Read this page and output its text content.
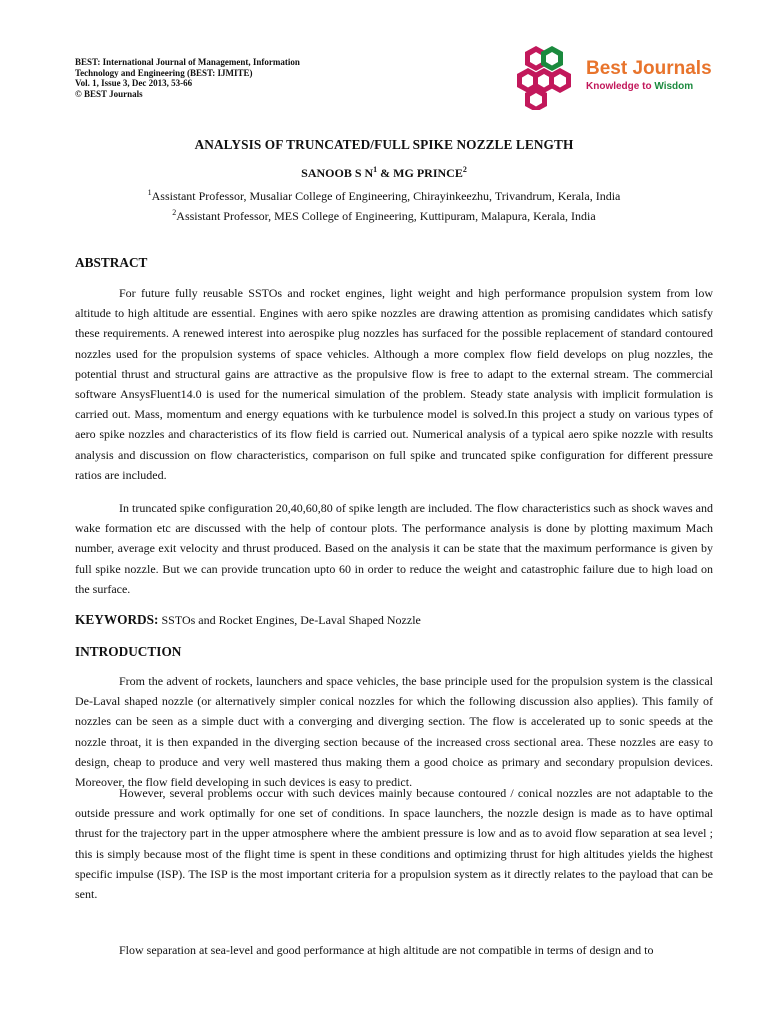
BEST: International Journal of Management, Information
Technology and Engineering (BEST: IJMITE)
Vol. 1, Issue 3, Dec 2013, 53-66
© BEST Journals
Best Journals
Knowledge to Wisdom
ANALYSIS OF TRUNCATED/FULL SPIKE NOZZLE LENGTH
SANOOB S $N^1$ & MG PRINCE$^2$
$^1$Assistant Professor, Musaliar College of Engineering, Chirayinkeezhu, Trivandrum, Kerala, India
$^2$Assistant Professor, MES College of Engineering, Kuttipuram, Malapura, Kerala, India
ABSTRACT
For future fully reusable SSTOs and rocket engines, light weight and high performance propulsion system from low altitude to high altitude are essential. Engines with aero spike nozzles are drawing attention as promising candidates which satisfy these requirements. A renewed interest into aerospike plug nozzles has surfaced for the possible replacement of standard contoured nozzles used for the propulsion systems of space vehicles. Although a more complex flow field develops on plug nozzles, the potential thrust and structural gains are attractive as the propulsive flow is free to adapt to the external stream. The commercial software AnsysFluent14.0 is used for the numerical simulation of the problem. Steady state analysis with implicit formulation is carried out. Mass, momentum and energy equations with ke turbulence model is solved.In this project a study on various types of aero spike nozzles and characteristics of its flow field is carried out. Numerical analysis of a typical aero spike nozzle with results analysis and discussion on flow characteristics, comparison on full spike and truncated spike configuration for different pressure ratios are included.
In truncated spike configuration 20,40,60,80 of spike length are included. The flow characteristics such as shock waves and wake formation etc are discussed with the help of contour plots. The performance analysis is done by plotting maximum Mach number, average exit velocity and thrust produced. Based on the analysis it can be state that the maximum performance is given by full spike nozzle. But we can provide truncation upto 60 in order to reduce the weight and catastrophic failure due to high load on the surface.
KEYWORDS: SSTOs and Rocket Engines, De-Laval Shaped Nozzle
INTRODUCTION
From the advent of rockets, launchers and space vehicles, the base principle used for the propulsion system is the classical De-Laval shaped nozzle (or alternatively simpler conical nozzles for which the following discussion also applies). This family of nozzles can be seen as a simple duct with a converging and diverging section. The flow is accelerated up to sonic speeds at the nozzle throat, it is then expanded in the diverging section because of the increased cross sectional area. These nozzles are easy to design, cheap to produce and very well mastered thus making them a good choice as primary and secondary propulsion devices. Moreover, the flow field developing in such devices is easy to predict.
However, several problems occur with such devices mainly because contoured / conical nozzles are not adaptable to the outside pressure and work optimally for one set of conditions. In space launchers, the nozzle design is made as to have optimal thrust for the trajectory part in the upper atmosphere where the ambient pressure is low and as to avoid flow separation at sea level ; this is simply because most of the flight time is spent in these conditions and optimizing thrust for high altitudes yields the highest specific impulse (ISP). The ISP is the most important criteria for a propulsion system as it directly relates to the payload that can be sent.
Flow separation at sea-level and good performance at high altitude are not compatible in terms of design and to
